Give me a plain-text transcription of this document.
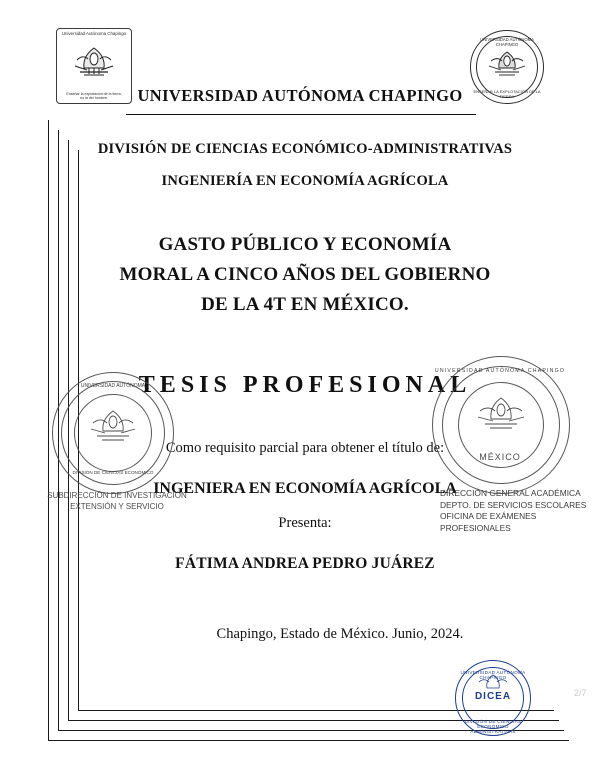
UNIVERSIDAD AUTÓNOMA CHAPINGO
Universidad Autónoma Chapingo
Enseñar la explotación de la tierra,
no la del hombre.
UNIVERSIDAD AUTÓNOMA CHAPINGO
ENSEÑAR LA EXPLOTACIÓN DE LA TIERRA
DIVISIÓN DE CIENCIAS ECONÓMICO-ADMINISTRATIVAS
INGENIERÍA EN ECONOMÍA AGRÍCOLA
GASTO PÚBLICO Y ECONOMÍA
MORAL A CINCO AÑOS DEL GOBIERNO
DE LA 4T EN MÉXICO.
TESIS PROFESIONAL
Como requisito parcial para obtener el título de:
INGENIERA EN ECONOMÍA AGRÍCOLA
Presenta:
FÁTIMA ANDREA PEDRO JUÁREZ
Chapingo, Estado de México. Junio, 2024.
UNIVERSIDAD AUTÓNOMA
DIVISIÓN DE CIENCIAS ECONÓMICO
SUBDIRECCIÓN DE INVESTIGACIÓN
EXTENSIÓN Y SERVICIO
UNIVERSIDAD AUTÓNOMA CHAPINGO
MÉXICO
DIRECCIÓN GENERAL ACADÉMICA
DEPTO. DE SERVICIOS ESCOLARES
OFICINA DE EXÁMENES PROFESIONALES
UNIVERSIDAD AUTÓNOMA CHAPINGO
DICEA
DIVISIÓN DE CIENCIAS ECONÓMICO ADMINISTRATIVAS
2/7
